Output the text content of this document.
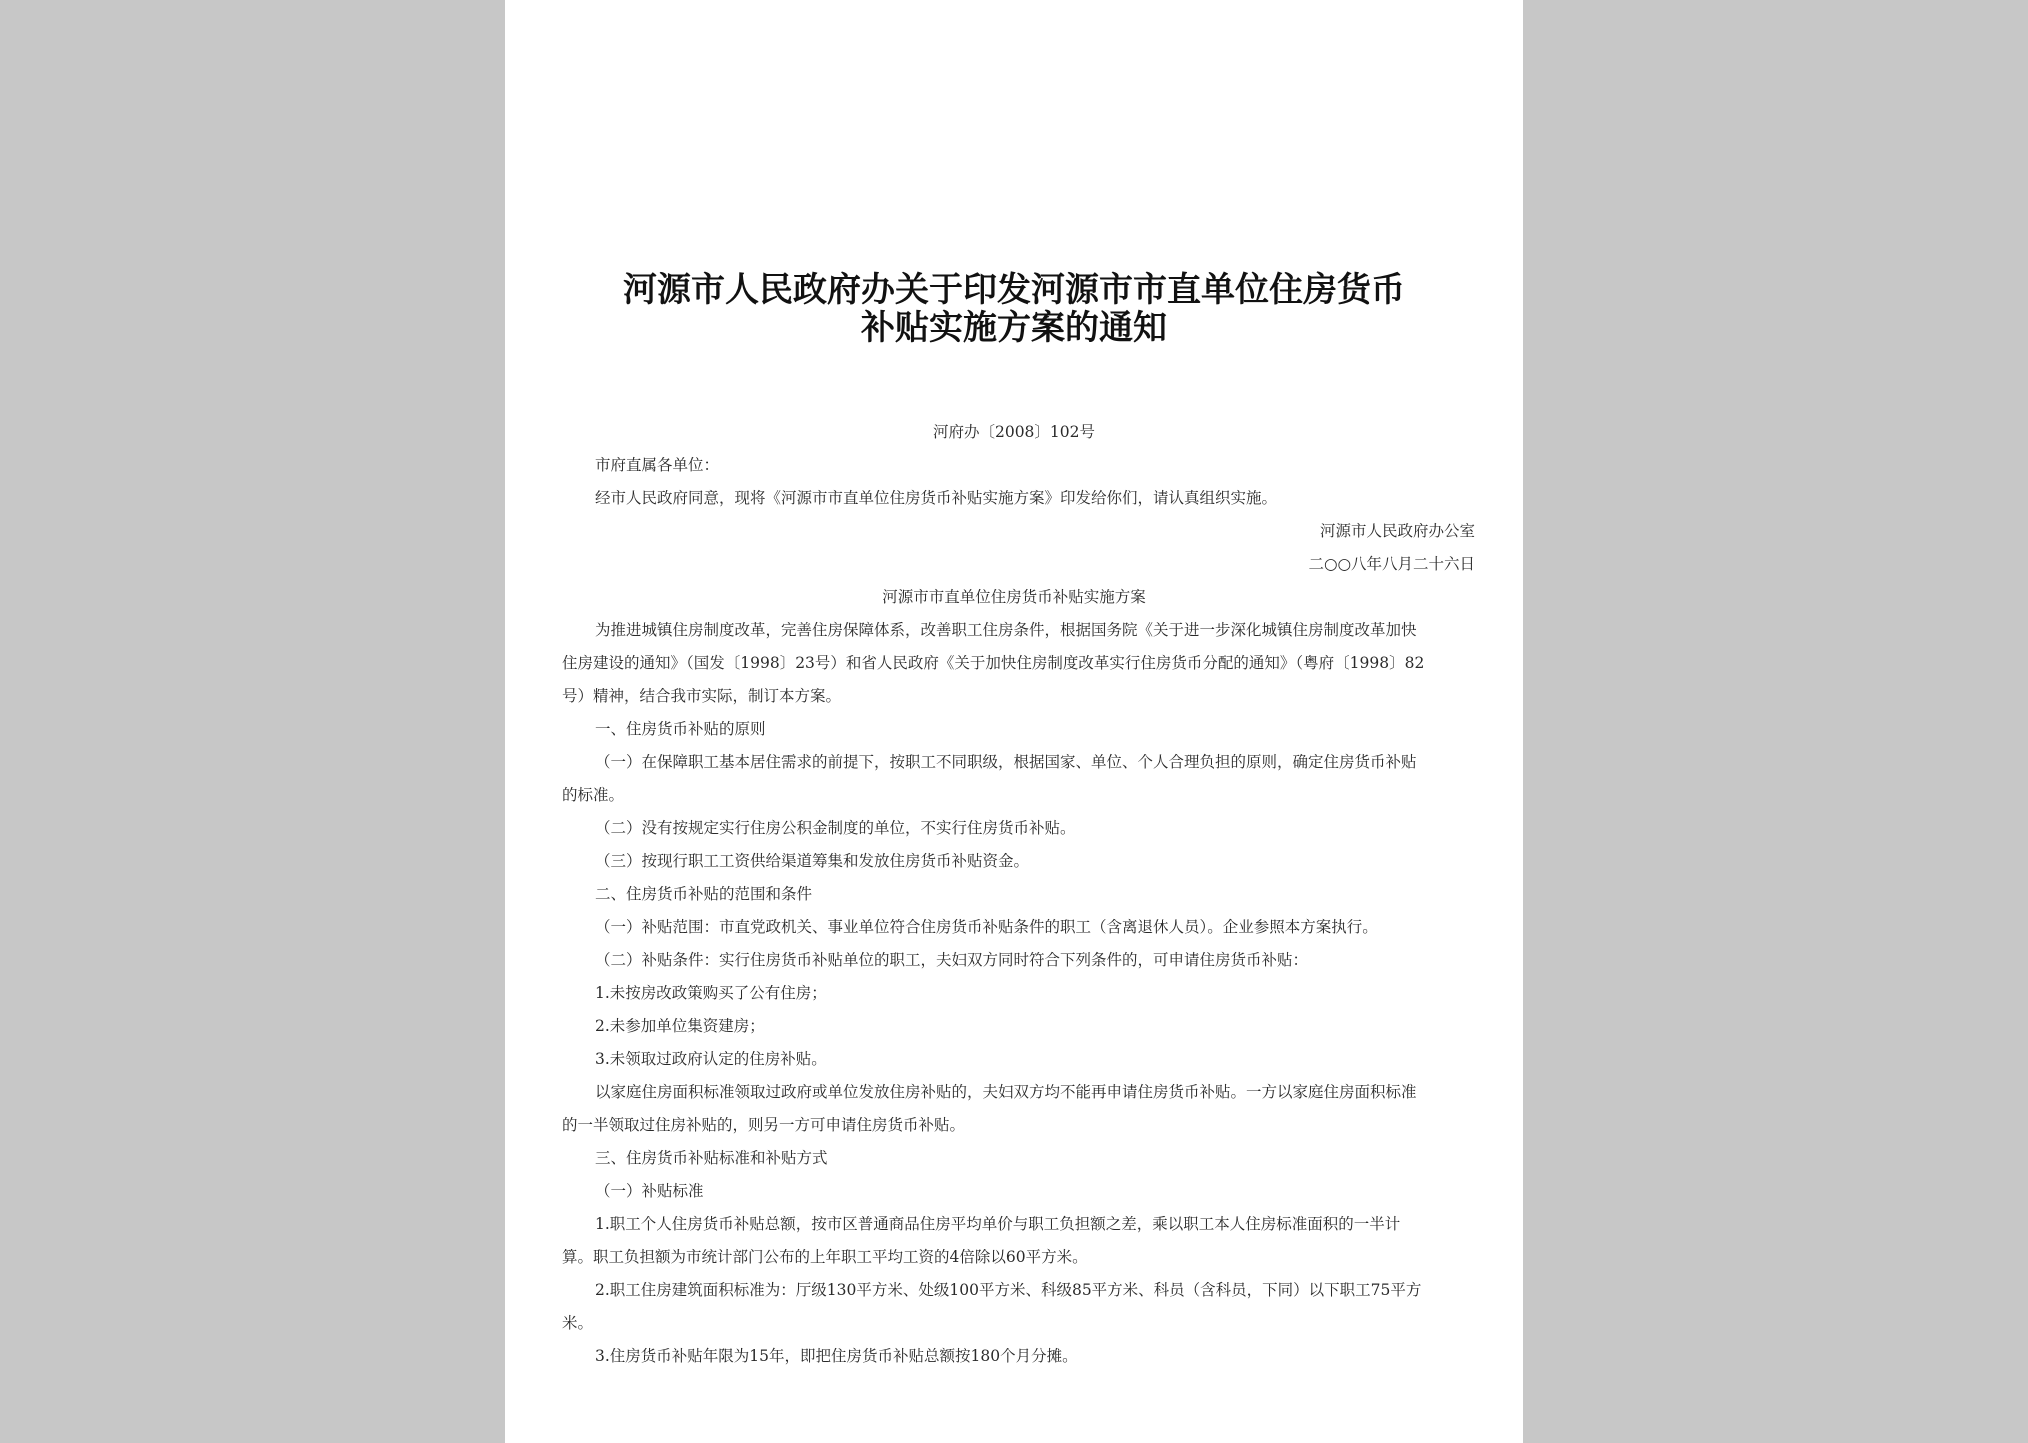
河源市人民政府办关于印发河源市市直单位住房货币
补贴实施方案的通知
河府办〔2008〕102号
市府直属各单位：
经市人民政府同意，现将《河源市市直单位住房货币补贴实施方案》印发给你们，请认真组织实施。
河源市人民政府办公室
二○○八年八月二十六日
河源市市直单位住房货币补贴实施方案
为推进城镇住房制度改革，完善住房保障体系，改善职工住房条件，根据国务院《关于进一步深化城镇住房制度改革加快
住房建设的通知》（国发〔1998〕23号）和省人民政府《关于加快住房制度改革实行住房货币分配的通知》（粤府〔1998〕82
号）精神，结合我市实际，制订本方案。
一、住房货币补贴的原则
（一）在保障职工基本居住需求的前提下，按职工不同职级，根据国家、单位、个人合理负担的原则，确定住房货币补贴
的标准。
（二）没有按规定实行住房公积金制度的单位，不实行住房货币补贴。
（三）按现行职工工资供给渠道筹集和发放住房货币补贴资金。
二、住房货币补贴的范围和条件
（一）补贴范围：市直党政机关、事业单位符合住房货币补贴条件的职工（含离退休人员）。企业参照本方案执行。
（二）补贴条件：实行住房货币补贴单位的职工，夫妇双方同时符合下列条件的，可申请住房货币补贴：
1.未按房改政策购买了公有住房；
2.未参加单位集资建房；
3.未领取过政府认定的住房补贴。
以家庭住房面积标准领取过政府或单位发放住房补贴的，夫妇双方均不能再申请住房货币补贴。一方以家庭住房面积标准
的一半领取过住房补贴的，则另一方可申请住房货币补贴。
三、住房货币补贴标准和补贴方式
（一）补贴标准
1.职工个人住房货币补贴总额，按市区普通商品住房平均单价与职工负担额之差，乘以职工本人住房标准面积的一半计
算。职工负担额为市统计部门公布的上年职工平均工资的4倍除以60平方米。
2.职工住房建筑面积标准为：厅级130平方米、处级100平方米、科级85平方米、科员（含科员，下同）以下职工75平方
米。
3.住房货币补贴年限为15年，即把住房货币补贴总额按180个月分摊。
